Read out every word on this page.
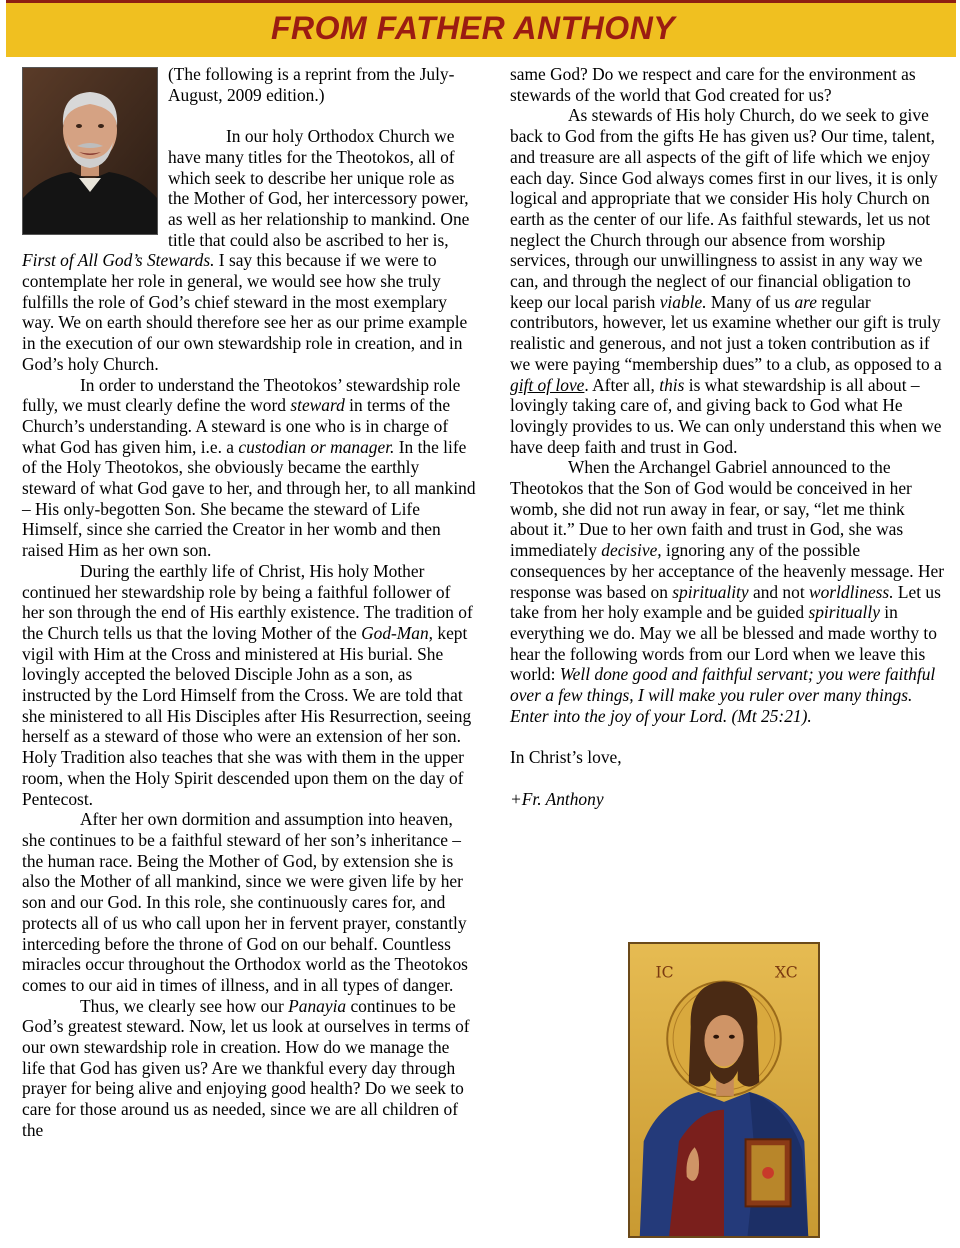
FROM FATHER ANTHONY

(The following is a reprint from the July-August, 2009 edition.)

In our holy Orthodox Church we have many titles for the Theotokos, all of which seek to describe her unique role as the Mother of God, her intercessory power, as well as her relationship to mankind. One title that could also be ascribed to her is, First of All God’s Stewards. I say this because if we were to contemplate her role in general, we would see how she truly fulfills the role of God’s chief steward in the most exemplary way. We on earth should therefore see her as our prime example in the execution of our own stewardship role in creation, and in God’s holy Church.

In order to understand the Theotokos’ stewardship role fully, we must clearly define the word steward in terms of the Church’s understanding. A steward is one who is in charge of what God has given him, i.e. a custodian or manager. In the life of the Holy Theotokos, she obviously became the earthly steward of what God gave to her, and through her, to all mankind – His only-begotten Son. She became the steward of Life Himself, since she carried the Creator in her womb and then raised Him as her own son.

During the earthly life of Christ, His holy Mother continued her stewardship role by being a faithful follower of her son through the end of His earthly existence. The tradition of the Church tells us that the loving Mother of the God-Man, kept vigil with Him at the Cross and ministered at His burial. She lovingly accepted the beloved Disciple John as a son, as instructed by the Lord Himself from the Cross. We are told that she ministered to all His Disciples after His Resurrection, seeing herself as a steward of those who were an extension of her son. Holy Tradition also teaches that she was with them in the upper room, when the Holy Spirit descended upon them on the day of Pentecost.

After her own dormition and assumption into heaven, she continues to be a faithful steward of her son’s inheritance – the human race. Being the Mother of God, by extension she is also the Mother of all mankind, since we were given life by her son and our God. In this role, she continuously cares for, and protects all of us who call upon her in fervent prayer, constantly interceding before the throne of God on our behalf. Countless miracles occur throughout the Orthodox world as the Theotokos comes to our aid in times of illness, and in all types of danger.

Thus, we clearly see how our Panayia continues to be God’s greatest steward. Now, let us look at ourselves in terms of our own stewardship role in creation. How do we manage the life that God has given us? Are we thankful every day through prayer for being alive and enjoying good health? Do we seek to care for those around us as needed, since we are all children of the

same God? Do we respect and care for the environment as stewards of the world that God created for us?

As stewards of His holy Church, do we seek to give back to God from the gifts He has given us? Our time, talent, and treasure are all aspects of the gift of life which we enjoy each day. Since God always comes first in our lives, it is only logical and appropriate that we consider His holy Church on earth as the center of our life. As faithful stewards, let us not neglect the Church through our absence from worship services, through our unwillingness to assist in any way we can, and through the neglect of our financial obligation to keep our local parish viable. Many of us are regular contributors, however, let us examine whether our gift is truly realistic and generous, and not just a token contribution as if we were paying “membership dues” to a club, as opposed to a gift of love. After all, this is what stewardship is all about – lovingly taking care of, and giving back to God what He lovingly provides to us. We can only understand this when we have deep faith and trust in God.

When the Archangel Gabriel announced to the Theotokos that the Son of God would be conceived in her womb, she did not run away in fear, or say, “let me think about it.” Due to her own faith and trust in God, she was immediately decisive, ignoring any of the possible consequences by her acceptance of the heavenly message. Her response was based on spirituality and not worldliness. Let us take from her holy example and be guided spiritually in everything we do. May we all be blessed and made worthy to hear the following words from our Lord when we leave this world: Well done good and faithful servant; you were faithful over a few things, I will make you ruler over many things. Enter into the joy of your Lord. (Mt 25:21).

In Christ’s love,

+Fr. Anthony

IC	XC
